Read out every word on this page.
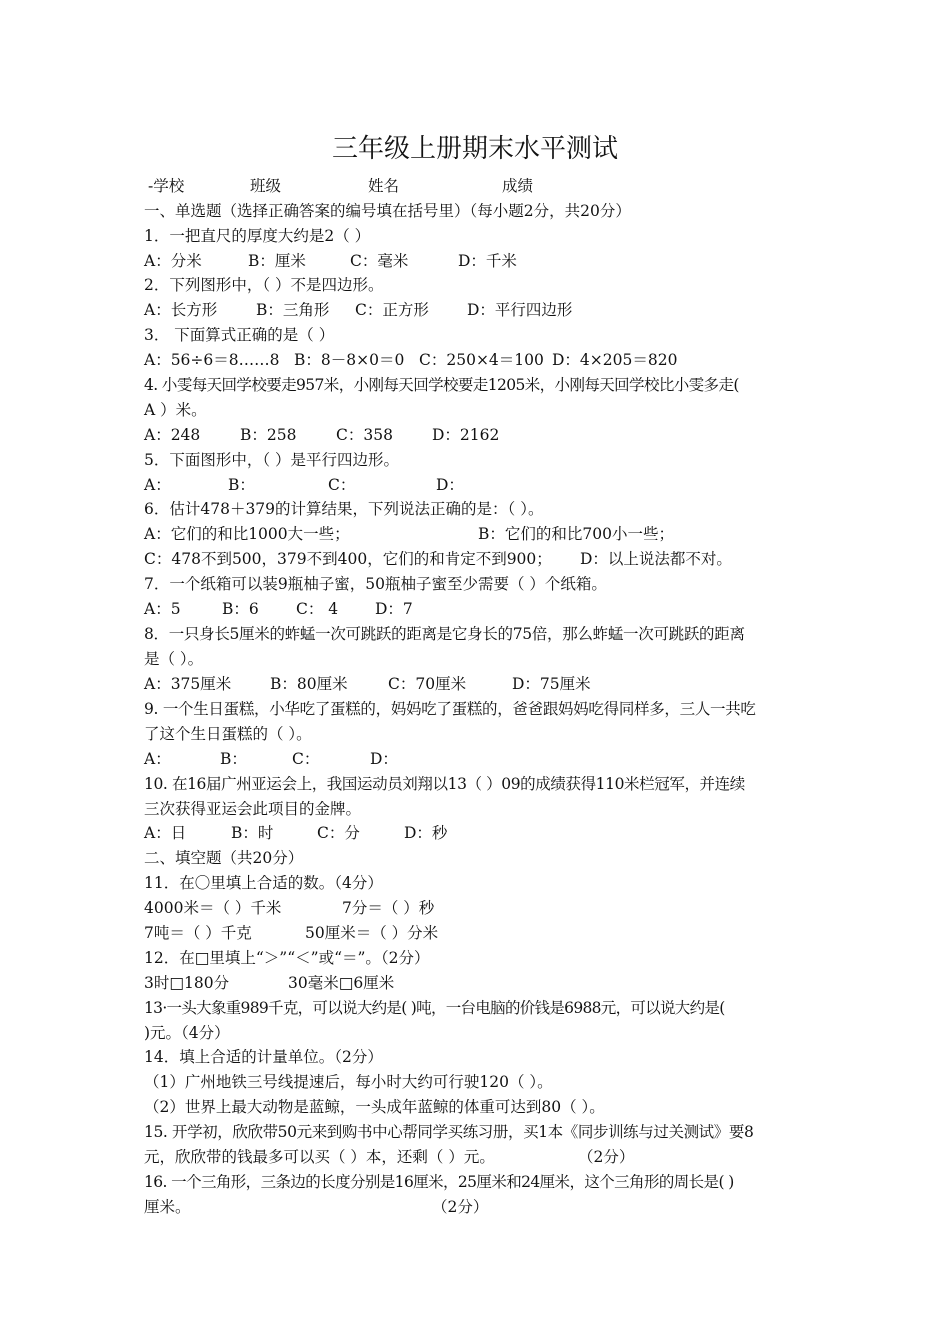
三年级上册期末水平测试
-学校	班级	姓名	成绩
一、单选题（选择正确答案的编号填在括号里）（每小题2分，共20分）
1．一把直尺的厚度大约是2（ ）
A：分米	B：厘米	C：毫米	D：千米
2．下列图形中，（ ）不是四边形。
A：长方形	B：三角形 C：正方形 D：平行四边形
3． 下面算式正确的是（ ）
A：56÷6＝8……8 B：8－8×0＝0 C：250×4＝100 D：4×205＝820
4. 小雯每天回学校要走957米，小刚每天回学校要走1205米，小刚每天回学校比小雯多走(
A ）米。
A：248	B：258	C：358	D：2162
5．下面图形中，（ ）是平行四边形。
A：	B：	C：	D：
6．估计478＋379的计算结果，下列说法正确的是：（ ）。
A：它们的和比1000大一些；	B：它们的和比700小一些；
C：478不到500，379不到400，它们的和肯定不到900； D：以上说法都不对。
7．一个纸箱可以装9瓶柚子蜜，50瓶柚子蜜至少需要（ ）个纸箱。
A：5	B：6 C： 4 D：7
8．一只身长5厘米的蚱蜢一次可跳跃的距离是它身长的75倍，那么蚱蜢一次可跳跃的距离
是（ ）。
A：375厘米 B：80厘米	C：70厘米	D：75厘米
9. 一个生日蛋糕，小华吃了蛋糕的，妈妈吃了蛋糕的，爸爸跟妈妈吃得同样多，三人一共吃
了这个生日蛋糕的（ ）。
A：	B：	C：	D：
10. 在16届广州亚运会上，我国运动员刘翔以13（ ）09的成绩获得110米栏冠军，并连续
三次获得亚运会此项目的金牌。
A：日	B：时	C：分	D：秒
二、填空题（共20分）
11．在〇里填上合适的数。（4分）
4000米＝（ ）千米	7分＝（ ）秒
7吨＝（ ）千克	50厘米＝（ ）分米
12．在□里填上“＞”“＜”或“＝”。（2分）
3时□180分	30毫米□6厘米
13·一头大象重989千克，可以说大约是( )吨，一台电脑的价钱是6988元，可以说大约是(
)元。（4分）
14．填上合适的计量单位。（2分）
（1）广州地铁三号线提速后，每小时大约可行驶120（ ）。
（2）世界上最大动物是蓝鲸，一头成年蓝鲸的体重可达到80（ ）。
15. 开学初，欣欣带50元来到购书中心帮同学买练习册，买1本《同步训练与过关测试》要8
元，欣欣带的钱最多可以买（ ）本，还剩（ ）元。	（2分）
16. 一个三角形，三条边的长度分别是16厘米，25厘米和24厘米，这个三角形的周长是( )
厘米。	（2分）
